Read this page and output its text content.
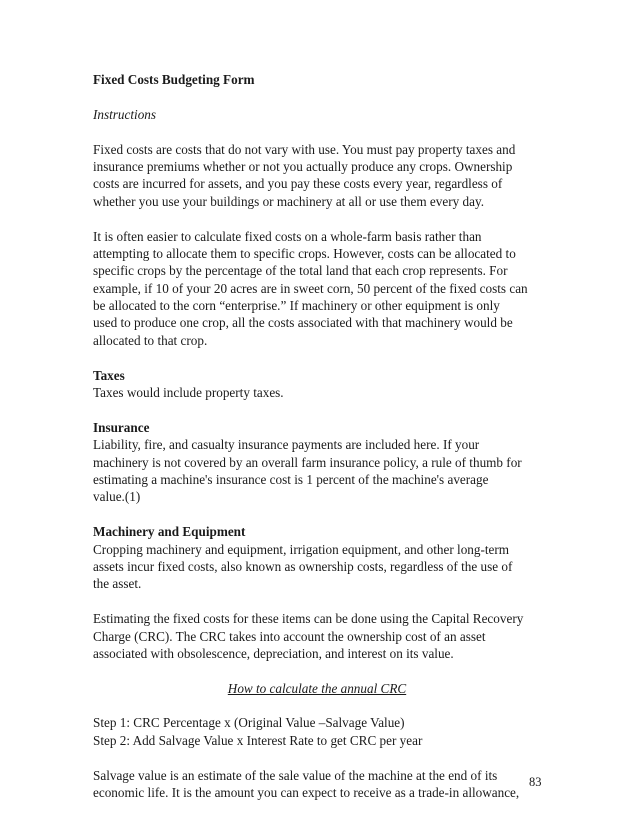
Fixed Costs Budgeting Form
Instructions
Fixed costs are costs that do not vary with use. You must pay property taxes and
insurance premiums whether or not you actually produce any crops. Ownership
costs are incurred for assets, and you pay these costs every year, regardless of
whether you use your buildings or machinery at all or use them every day.
It is often easier to calculate fixed costs on a whole-farm basis rather than
attempting to allocate them to specific crops. However, costs can be allocated to
specific crops by the percentage of the total land that each crop represents. For
example, if 10 of your 20 acres are in sweet corn, 50 percent of the fixed costs can
be allocated to the corn “enterprise.” If machinery or other equipment is only
used to produce one crop, all the costs associated with that machinery would be
allocated to that crop.
Taxes
Taxes would include property taxes.
Insurance
Liability, fire, and casualty insurance payments are included here. If your
machinery is not covered by an overall farm insurance policy, a rule of thumb for
estimating a machine's insurance cost is 1 percent of the machine's average
value.(1)
Machinery and Equipment
Cropping machinery and equipment, irrigation equipment, and other long-term
assets incur fixed costs, also known as ownership costs, regardless of the use of
the asset.
Estimating the fixed costs for these items can be done using the Capital Recovery
Charge (CRC). The CRC takes into account the ownership cost of an asset
associated with obsolescence, depreciation, and interest on its value.
How to calculate the annual CRC
Step 1: CRC Percentage x (Original Value –Salvage Value)
Step 2: Add Salvage Value x Interest Rate to get CRC per year
Salvage value is an estimate of the sale value of the machine at the end of its
economic life. It is the amount you can expect to receive as a trade-in allowance,
83
